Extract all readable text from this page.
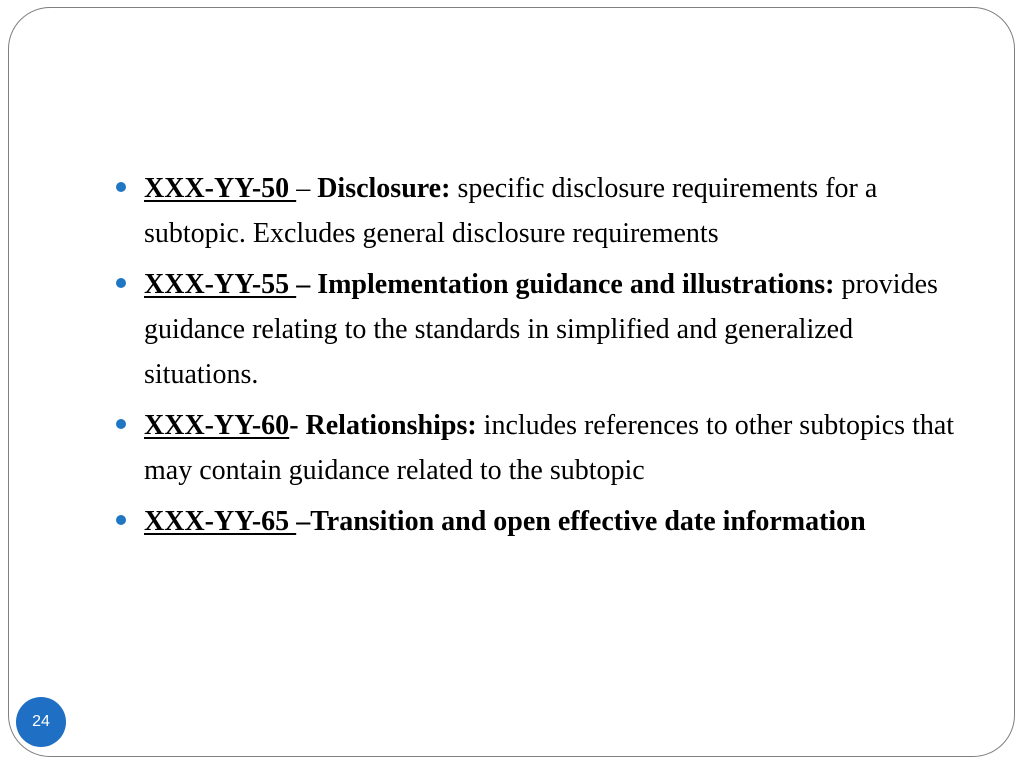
XXX-YY-50 – Disclosure: specific disclosure requirements for a subtopic. Excludes general disclosure requirements
XXX-YY-55 – Implementation guidance and illustrations: provides guidance relating to the standards in simplified and generalized situations.
XXX-YY-60- Relationships: includes references to other subtopics that may contain guidance related to the subtopic
XXX-YY-65 –Transition and open effective date information
24
